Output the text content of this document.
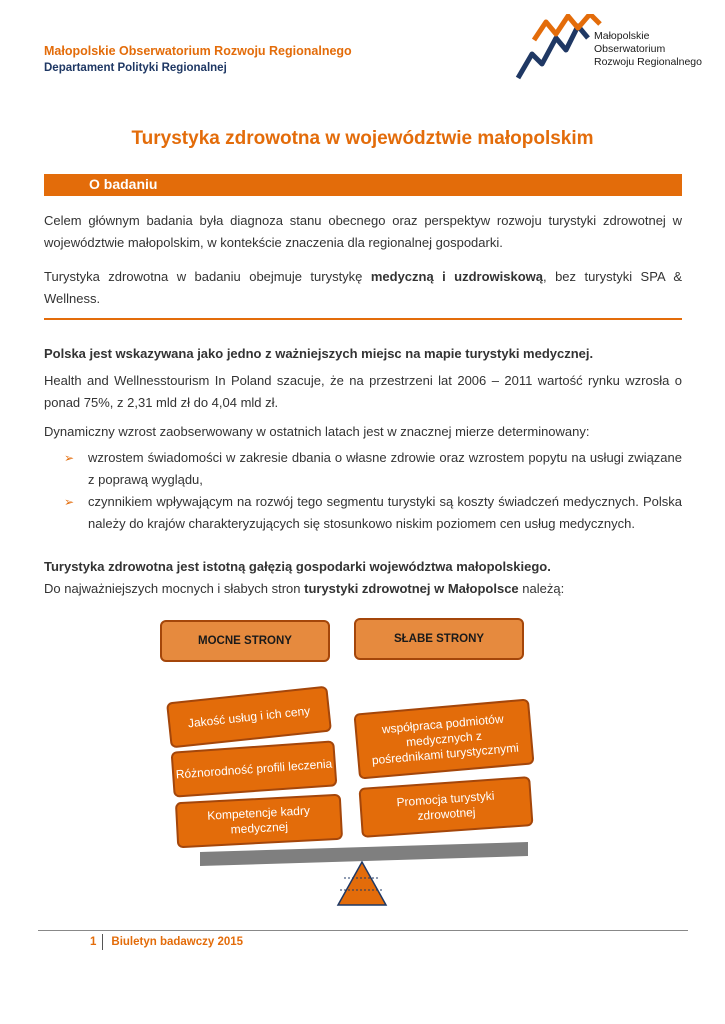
Małopolskie Obserwatorium Rozwoju Regionalnego
Departament Polityki Regionalnej
Małopolskie
Obserwatorium
Rozwoju Regionalnego
Turystyka zdrowotna w województwie małopolskim
O badaniu
Celem głównym badania była diagnoza stanu obecnego oraz perspektyw rozwoju turystyki zdrowotnej w województwie małopolskim, w kontekście znaczenia dla regionalnej gospodarki.
Turystyka zdrowotna w badaniu obejmuje turystykę medyczną i uzdrowiskową, bez turystyki SPA & Wellness.
Polska jest wskazywana jako jedno z ważniejszych miejsc na mapie turystyki medycznej.
Health and Wellnesstourism In Poland szacuje, że na przestrzeni lat 2006 – 2011 wartość rynku wzrosła o ponad 75%, z 2,31 mld zł do 4,04 mld zł.
Dynamiczny wzrost zaobserwowany w ostatnich latach jest w znacznej mierze determinowany:
➢ wzrostem świadomości w zakresie dbania o własne zdrowie oraz wzrostem popytu na usługi związane z poprawą wyglądu,
➢ czynnikiem wpływającym na rozwój tego segmentu turystyki są koszty świadczeń medycznych. Polska należy do krajów charakteryzujących się stosunkowo niskim poziomem cen usług medycznych.
Turystyka zdrowotna jest istotną gałęzią gospodarki województwa małopolskiego.
Do najważniejszych mocnych i słabych stron turystyki zdrowotnej w Małopolsce należą:
MOCNE STRONY	SŁABE STRONY
Jakość usług i ich ceny
Różnorodność profili leczenia
Kompetencje kadry medycznej
współpraca podmiotów medycznych z pośrednikami turystycznymi
Promocja turystyki zdrowotnej
1 Biuletyn badawczy 2015
